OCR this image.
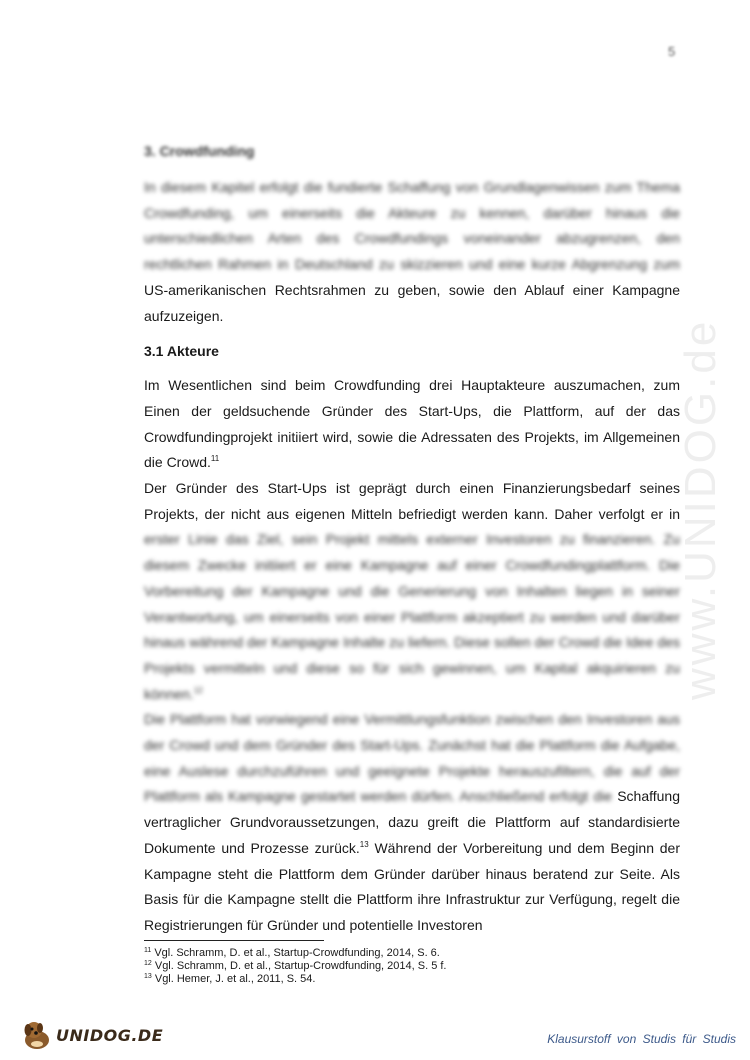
5
www.UNIDOG.de
3. Crowdfunding

In diesem Kapitel erfolgt die fundierte Schaffung von Grundlagenwissen zum Thema Crowdfunding, um einerseits die Akteure zu kennen, darüber hinaus die unterschiedlichen Arten des Crowdfundings voneinander abzugrenzen, den rechtlichen Rahmen in Deutschland zu skizzieren und eine kurze Abgrenzung zum US-amerikanischen Rechtsrahmen zu geben, sowie den Ablauf einer Kampagne aufzuzeigen.

3.1 Akteure

Im Wesentlichen sind beim Crowdfunding drei Hauptakteure auszumachen, zum Einen der geldsuchende Gründer des Start-Ups, die Plattform, auf der das Crowdfundingprojekt initiiert wird, sowie die Adressaten des Projekts, im Allgemeinen die Crowd.$^{11}$

Der Gründer des Start-Ups ist geprägt durch einen Finanzierungsbedarf seines Projekts, der nicht aus eigenen Mitteln befriedigt werden kann. Daher verfolgt er in erster Linie das Ziel, sein Projekt mittels externer Investoren zu finanzieren. Zu diesem Zwecke initiiert er eine Kampagne auf einer Crowdfundingplattform. Die Vorbereitung der Kampagne und die Generierung von Inhalten liegen in seiner Verantwortung, um einerseits von einer Plattform akzeptiert zu werden und darüber hinaus während der Kampagne Inhalte zu liefern. Diese sollen der Crowd die Idee des Projekts vermitteln und diese so für sich gewinnen, um Kapital akquirieren zu können.$^{12}$

Die Plattform hat vorwiegend eine Vermittlungsfunktion zwischen den Investoren aus der Crowd und dem Gründer des Start-Ups. Zunächst hat die Plattform die Aufgabe, eine Auslese durchzuführen und geeignete Projekte herauszufiltern, die auf der Plattform als Kampagne gestartet werden dürfen. Anschließend erfolgt die Schaffung vertraglicher Grundvoraussetzungen, dazu greift die Plattform auf standardisierte Dokumente und Prozesse zurück.$^{13}$ Während der Vorbereitung und dem Beginn der Kampagne steht die Plattform dem Gründer darüber hinaus beratend zur Seite. Als Basis für die Kampagne stellt die Plattform ihre Infrastruktur zur Verfügung, regelt die Registrierungen für Gründer und potentielle Investoren

$^{11}$ Vgl. Schramm, D. et al., Startup-Crowdfunding, 2014, S. 6.
$^{12}$ Vgl. Schramm, D. et al., Startup-Crowdfunding, 2014, S. 5 f.
$^{13}$ Vgl. Hemer, J. et al., 2011, S. 54.
UNIDOG.DE	Klausurstoff von Studis für Studis
